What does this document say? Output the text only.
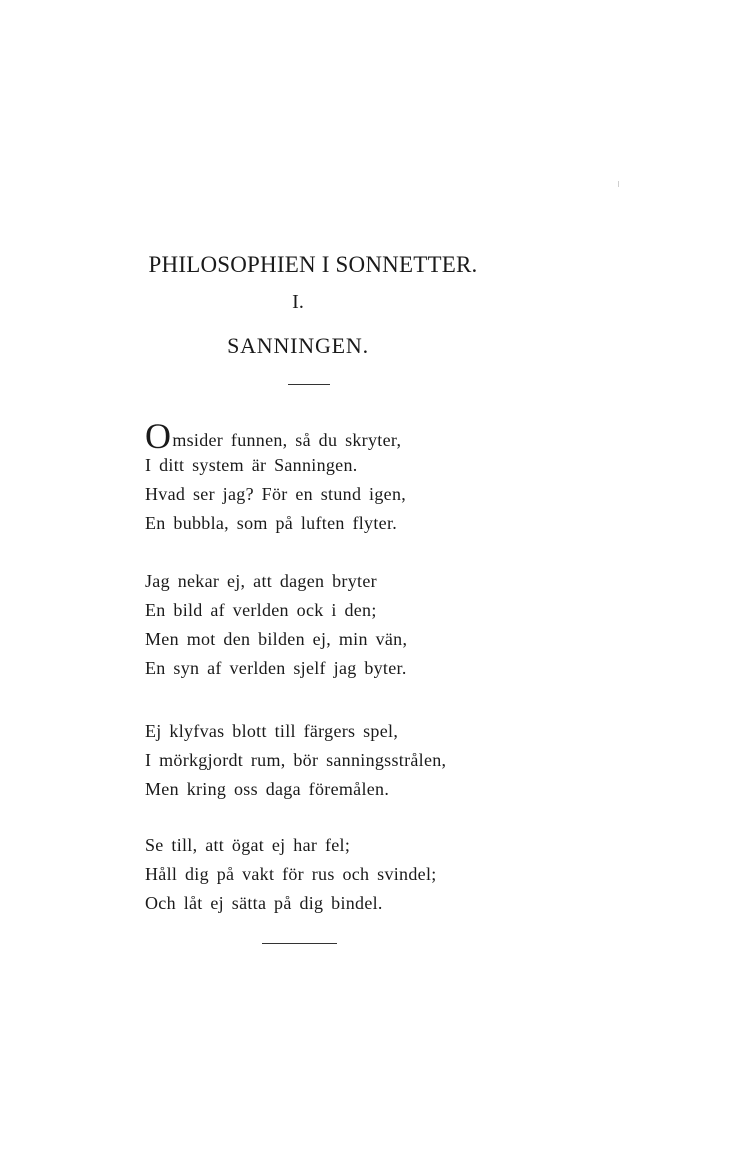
PHILOSOPHIEN I SONNETTER.
I.
SANNINGEN.
Omsider funnen, så du skryter,
I ditt system är Sanningen.
Hvad ser jag? För en stund igen,
En bubbla, som på luften flyter.
Jag nekar ej, att dagen bryter
En bild af verlden ock i den;
Men mot den bilden ej, min vän,
En syn af verlden sjelf jag byter.
Ej klyfvas blott till färgers spel,
I mörkgjordt rum, bör sanningsstrålen,
Men kring oss daga föremålen.
Se till, att ögat ej har fel;
Håll dig på vakt för rus och svindel;
Och låt ej sätta på dig bindel.
